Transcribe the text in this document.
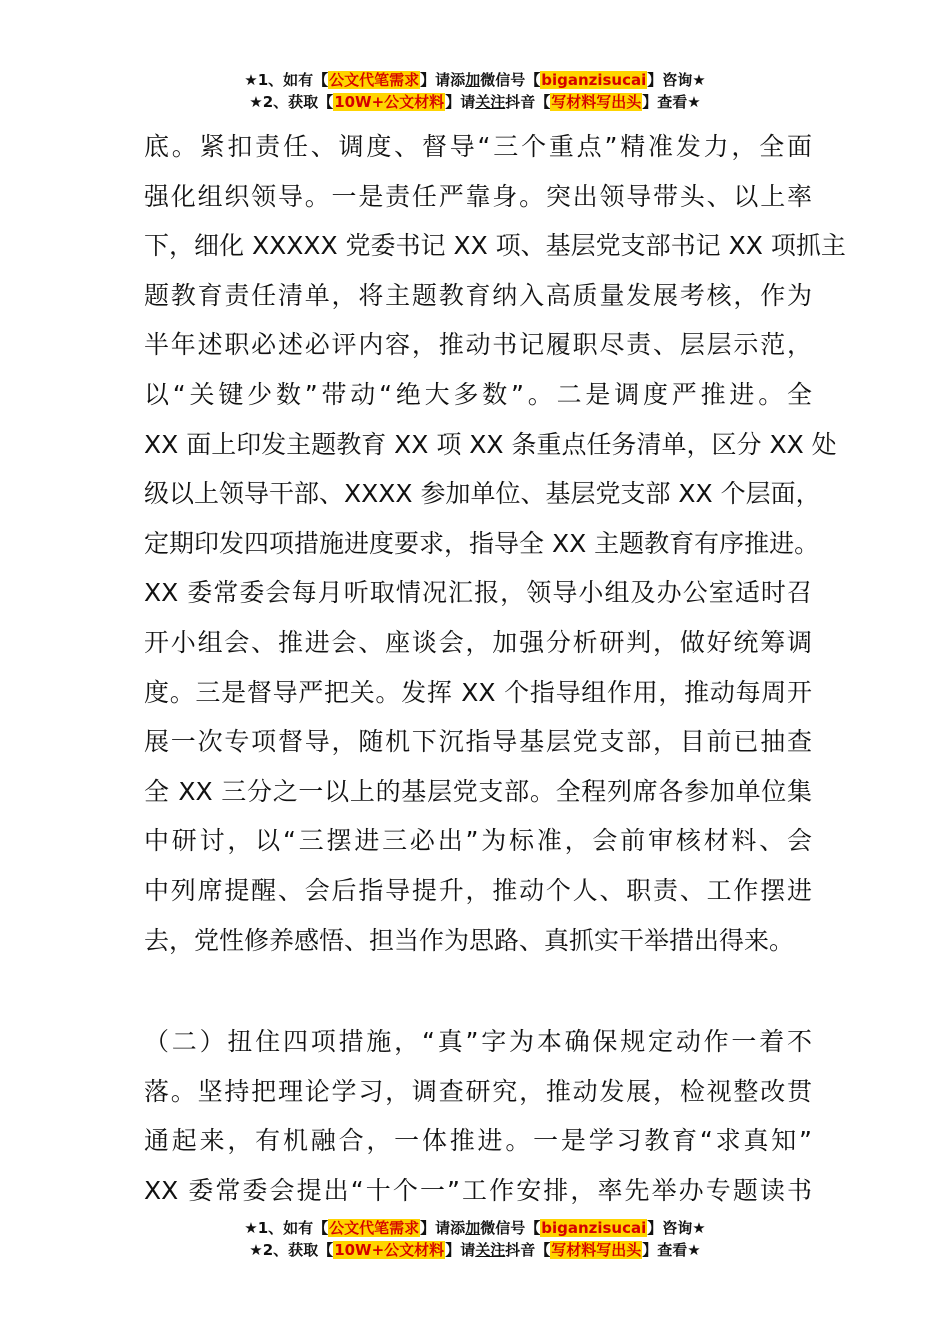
★1、如有【公文代笔需求】请添加微信号【biganzisucai】咨询★
★2、获取【10W+公文材料】请关注抖音【写材料写出头】查看★
底。紧扣责任、调度、督导“三个重点”精准发力，全面
强化组织领导。一是责任严靠身。突出领导带头、以上率
下，细化 XXXXX 党委书记 XX 项、基层党支部书记 XX 项抓主
题教育责任清单，将主题教育纳入高质量发展考核，作为
半年述职必述必评内容，推动书记履职尽责、层层示范，
以“关键少数”带动“绝大多数”。二是调度严推进。全
XX 面上印发主题教育 XX 项 XX 条重点任务清单，区分 XX 处
级以上领导干部、XXXX 参加单位、基层党支部 XX 个层面，
定期印发四项措施进度要求，指导全 XX 主题教育有序推进。
XX 委常委会每月听取情况汇报，领导小组及办公室适时召
开小组会、推进会、座谈会，加强分析研判，做好统筹调
度。三是督导严把关。发挥 XX 个指导组作用，推动每周开
展一次专项督导，随机下沉指导基层党支部，目前已抽查
全 XX 三分之一以上的基层党支部。全程列席各参加单位集
中研讨，以“三摆进三必出”为标准，会前审核材料、会
中列席提醒、会后指导提升，推动个人、职责、工作摆进
去，党性修养感悟、担当作为思路、真抓实干举措出得来。
（二）扭住四项措施，“真”字为本确保规定动作一着不
落。坚持把理论学习，调查研究，推动发展，检视整改贯
通起来，有机融合，一体推进。一是学习教育“求真知”
XX 委常委会提出“十个一”工作安排，率先举办专题读书
★1、如有【公文代笔需求】请添加微信号【biganzisucai】咨询★
★2、获取【10W+公文材料】请关注抖音【写材料写出头】查看★
